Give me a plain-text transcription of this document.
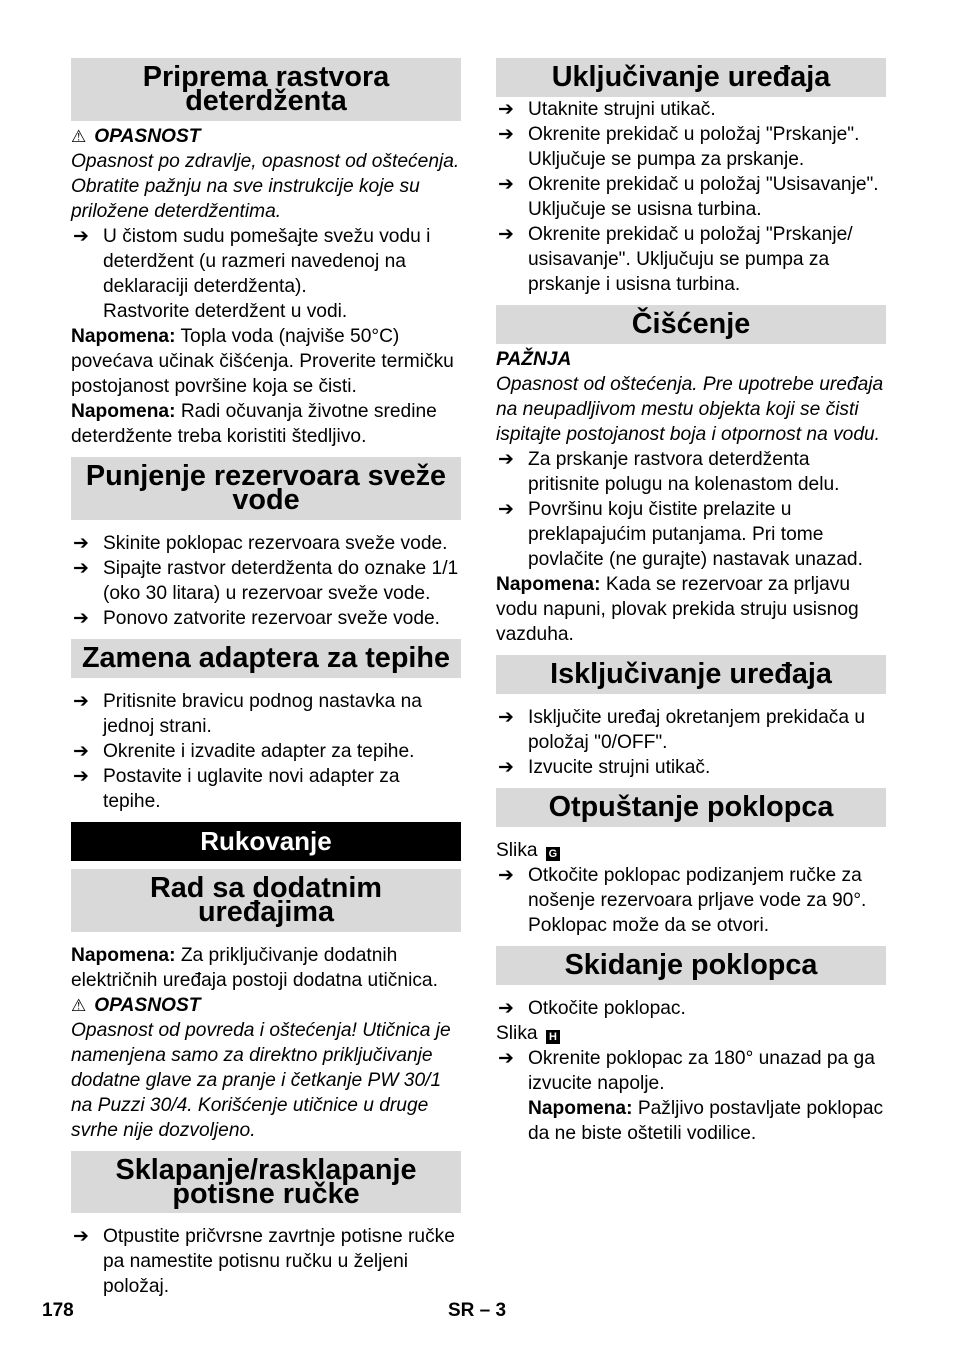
Priprema rastvora deterdženta

⚠ OPASNOST

Opasnost po zdravlje, opasnost od oštećenja. Obratite pažnju na sve instrukcije koje su priložene deterdžentima.

➔ U čistom sudu pomešajte svežu vodu i deterdžent (u razmeri navedenoj na deklaraciji deterdženta).

Rastvorite deterdžent u vodi.

Napomena: Topla voda (najviše 50°C) povećava učinak čišćenja. Proverite termičku postojanost površine koja se čisti.

Napomena: Radi očuvanja životne sredine deterdžente treba koristiti štedljivo.

Punjenje rezervoara sveže vode
➔ Skinite poklopac rezervoara sveže vode.
➔ Sipajte rastvor deterdženta do oznake 1/1 (oko 30 litara) u rezervoar sveže vode.
➔ Ponovo zatvorite rezervoar sveže vode.
Zamena adaptera za tepihe
➔ Pritisnite bravicu podnog nastavka na jednoj strani.
➔ Okrenite i izvadite adapter za tepihe.
➔ Postavite i uglavite novi adapter za tepihe.
Rukovanje
Rad sa dodatnim uređajima

Napomena: Za priključivanje dodatnih električnih uređaja postoji dodatna utičnica.

⚠ OPASNOST

Opasnost od povreda i oštećenja! Utičnica je namenjena samo za direktno priključivanje dodatne glave za pranje i četkanje PW 30/1 na Puzzi 30/4. Korišćenje utičnice u druge svrhe nije dozvoljeno.

Sklapanje/rasklapanje potisne ručke
➔ Otpustite pričvrsne zavrtnje potisne ručke pa namestite potisnu ručku u željeni položaj.
Uključivanje uređaja
➔ Utaknite strujni utikač.
➔ Okrenite prekidač u položaj "Prskanje". Uključuje se pumpa za prskanje.
➔ Okrenite prekidač u položaj "Usisavanje". Uključuje se usisna turbina.
➔ Okrenite prekidač u položaj "Prskanje/ usisavanje". Uključuju se pumpa za prskanje i usisna turbina.
Čišćenje

PAŽNJA

Opasnost od oštećenja. Pre upotrebe uređaja na neupadljivom mestu objekta koji se čisti ispitajte postojanost boja i otpornost na vodu.

➔ Za prskanje rastvora deterdženta pritisnite polugu na kolenastom delu.
➔ Površinu koju čistite prelazite u preklapajućim putanjama. Pri tome povlačite (ne gurajte) nastavak unazad.

Napomena: Kada se rezervoar za prljavu vodu napuni, plovak prekida struju usisnog vazduha.

Isključivanje uređaja
➔ Isključite uređaj okretanjem prekidača u položaj "0/OFF".
➔ Izvucite strujni utikač.
Otpuštanje poklopca

Slika G

➔ Otkočite poklopac podizanjem ručke za nošenje rezervoara prljave vode za 90°. Poklopac može da se otvori.
Skidanje poklopca
➔ Otkočite poklopac.

Slika H

➔ Okrenite poklopac za 180° unazad pa ga izvucite napolje.

Napomena: Pažljivo postavljate poklopac da ne biste oštetili vodilice.

178	SR – 3
